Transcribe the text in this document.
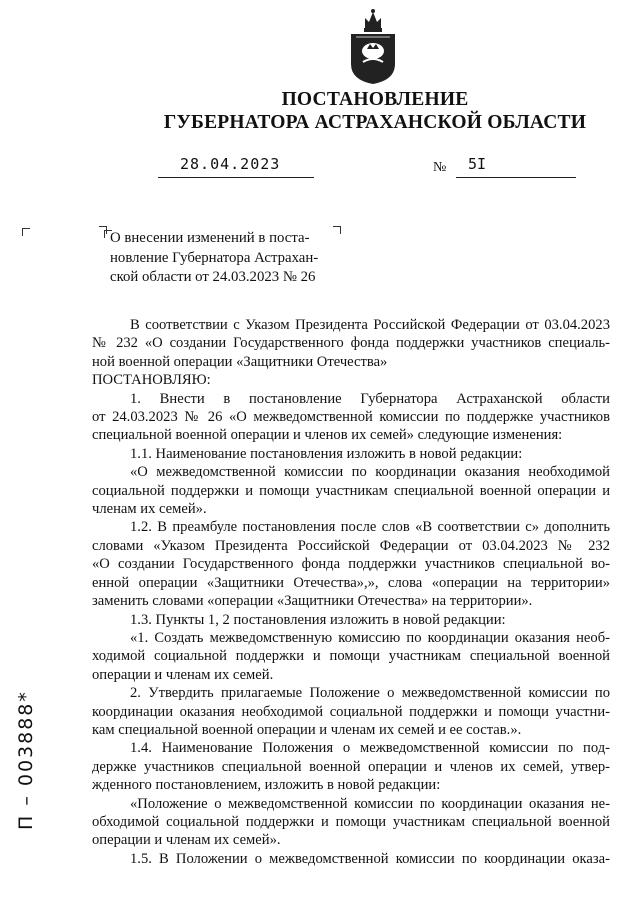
ПОСТАНОВЛЕНИЕ
ГУБЕРНАТОРА АСТРАХАНСКОЙ ОБЛАСТИ
28.04.2023	№ 5I
О внесении изменений в поста-
новление Губернатора Астрахан-
ской области от 24.03.2023 № 26
В соответствии с Указом Президента Российской Федерации от 03.04.2023
№ 232 «О создании Государственного фонда поддержки участников специаль-
ной военной операции «Защитники Отечества»
ПОСТАНОВЛЯЮ:
1. Внести в постановление Губернатора Астраханской области
от 24.03.2023 № 26 «О межведомственной комиссии по поддержке участников
специальной военной операции и членов их семей» следующие изменения:
1.1. Наименование постановления изложить в новой редакции:
«О межведомственной комиссии по координации оказания необходимой
социальной поддержки и помощи участникам специальной военной операции и
членам их семей».
1.2. В преамбуле постановления после слов «В соответствии с» дополнить
словами «Указом Президента Российской Федерации от 03.04.2023 № 232
«О создании Государственного фонда поддержки участников специальной во-
енной операции «Защитники Отечества»,», слова «операции на территории»
заменить словами «операции «Защитники Отечества» на территории».
1.3. Пункты 1, 2 постановления изложить в новой редакции:
«1. Создать межведомственную комиссию по координации оказания необ-
ходимой социальной поддержки и помощи участникам специальной военной
операции и членам их семей.
2. Утвердить прилагаемые Положение о межведомственной комиссии по
координации оказания необходимой социальной поддержки и помощи участни-
кам специальной военной операции и членам их семей и ее состав.».
1.4. Наименование Положения о межведомственной комиссии по под-
держке участников специальной военной операции и членов их семей, утвер-
жденного постановлением, изложить в новой редакции:
«Положение о межведомственной комиссии по координации оказания не-
обходимой социальной поддержки и помощи участникам специальной военной
операции и членам их семей».
1.5. В Положении о межведомственной комиссии по координации оказа-
П – 003888*
